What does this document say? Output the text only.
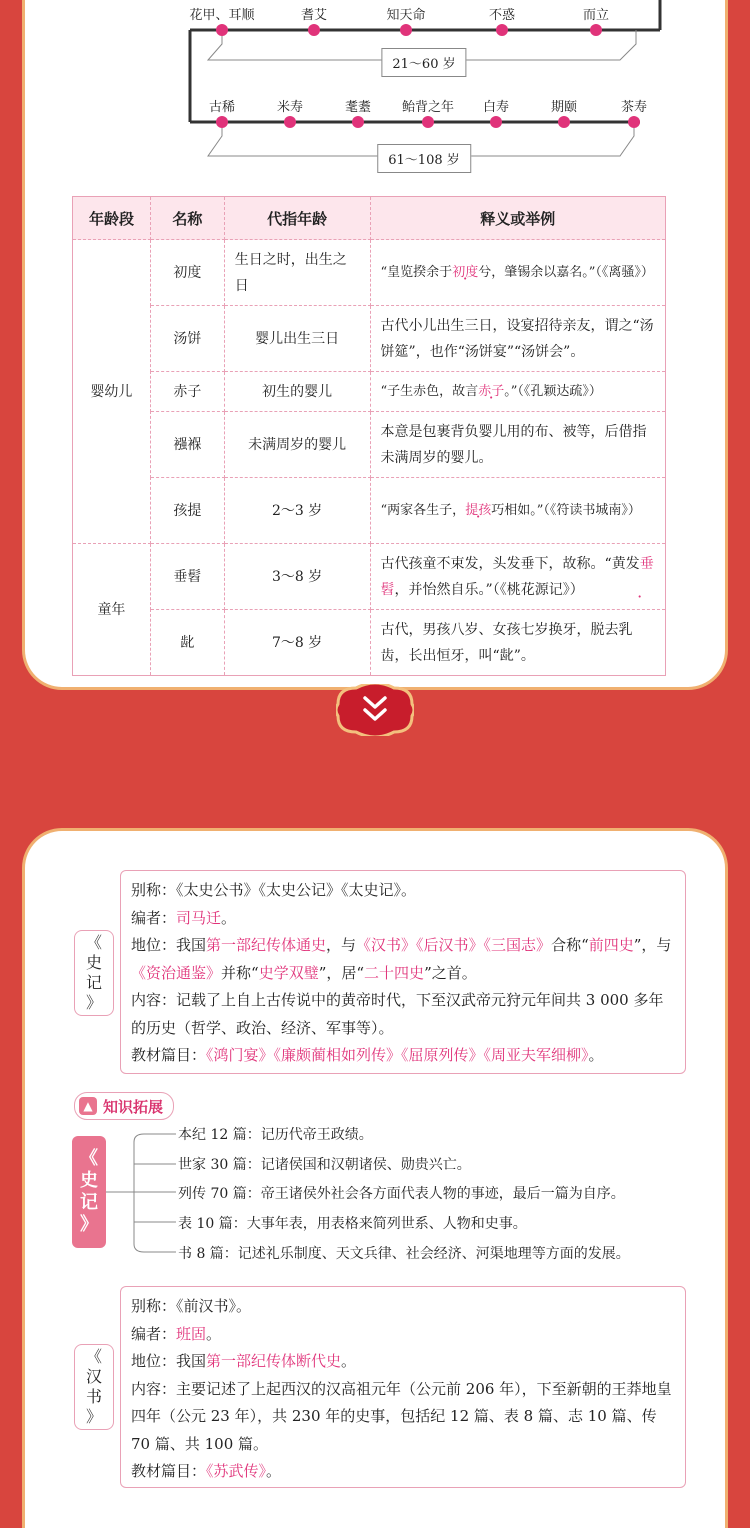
花甲、耳顺	耆艾	知天命	不惑	而立
21～60 岁
古稀	米寿	耄耋 鲐背之年 白寿	期颐	茶寿
61～108 岁
年龄段	名称	代指年龄	释义或举例
婴幼儿	初度	生日之时，出生之日	“皇览揆余于初度兮，肇锡余以嘉名。”（《离骚》）
	汤饼	婴儿出生三日	古代小儿出生三日，设宴招待亲友，谓之“汤饼筵”，也作“汤饼宴”“汤饼会”。
	赤子	初生的婴儿	“子生赤色，故言赤子。”（《孔颖达疏》）
	襁褓	未满周岁的婴儿	本意是包裹背负婴儿用的布、被等，后借指未满周岁的婴儿。
	孩提	2～3 岁	“两家各生子，提孩巧相如。”（《符读书城南》）
童年	垂髫	3～8 岁	古代孩童不束发，头发垂下，故称。“黄发垂髫 ·，并怡然自乐。”（《桃花源记》）
	龀	7～8 岁	古代，男孩八岁、女孩七岁换牙，脱去乳齿，长出恒牙，叫“龀”。
《
史
记
》

别称：《太史公书》《太史公记》《太史记》。

编者：司马迁。

地位：我国第一部纪传体通史，与《汉书》《后汉书》《三国志》合称“前四史”，与《资治通鉴》并称“史学双璧”，居“二十四史”之首。

内容：记载了上自上古传说中的黄帝时代，下至汉武帝元狩元年间共 3 000 多年的历史（哲学、政治、经济、军事等）。

教材篇目：《鸿门宴》《廉颇蔺相如列传》《屈原列传》《周亚夫军细柳》。

▲ 知识拓展
《
史
记
》
本纪 12 篇：记历代帝王政绩。
世家 30 篇：记诸侯国和汉朝诸侯、勋贵兴亡。
列传 70 篇：帝王诸侯外社会各方面代表人物的事迹，最后一篇为自序。
表 10 篇：大事年表，用表格来简列世系、人物和史事。
书 8 篇：记述礼乐制度、天文兵律、社会经济、河渠地理等方面的发展。
《
汉
书
》

别称：《前汉书》。

编者：班固。

地位：我国第一部纪传体断代史。

内容：主要记述了上起西汉的汉高祖元年（公元前 206 年），下至新朝的王莽地皇四年（公元 23 年），共 230 年的史事，包括纪 12 篇、表 8 篇、志 10 篇、传 70 篇、共 100 篇。

教材篇目：《苏武传》。
